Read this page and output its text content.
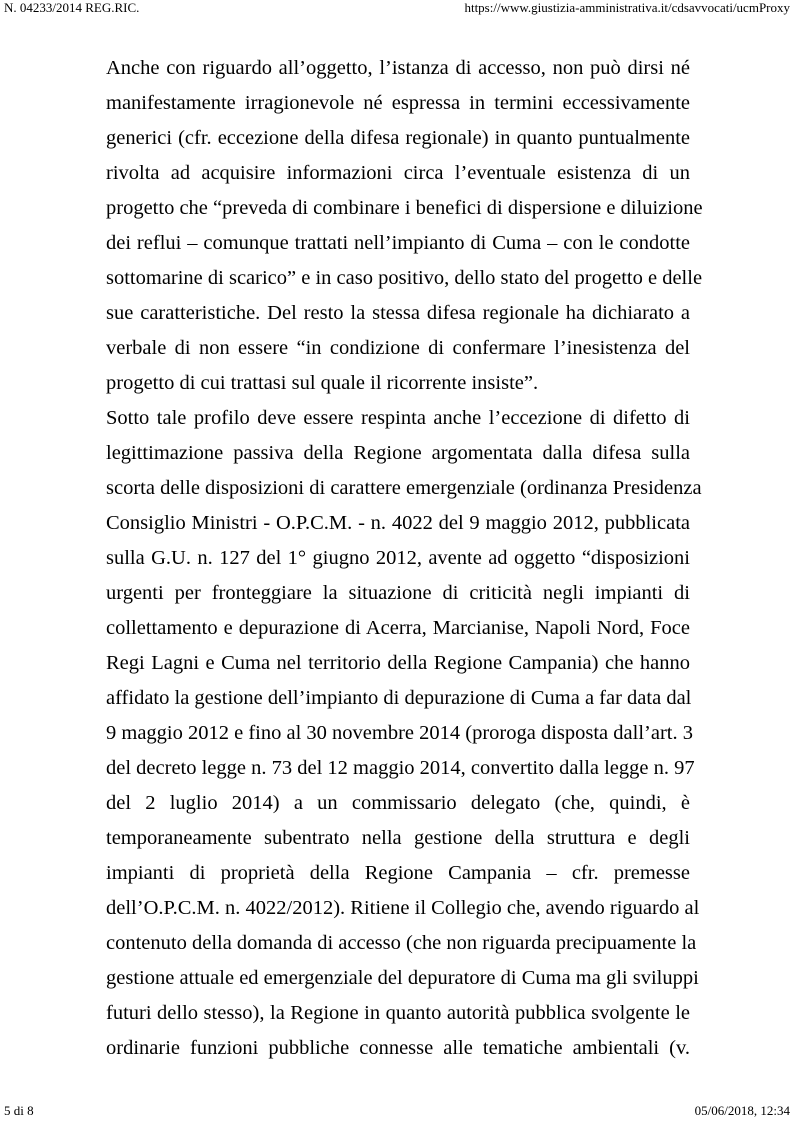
N. 04233/2014 REG.RIC.	https://www.giustizia-amministrativa.it/cdsavvocati/ucmProxy
Anche con riguardo all’oggetto, l’istanza di accesso, non può dirsi né
manifestamente irragionevole né espressa in termini eccessivamente
generici (cfr. eccezione della difesa regionale) in quanto puntualmente
rivolta ad acquisire informazioni circa l’eventuale esistenza di un
progetto che “preveda di combinare i benefici di dispersione e diluizione
dei reflui – comunque trattati nell’impianto di Cuma – con le condotte
sottomarine di scarico” e in caso positivo, dello stato del progetto e delle
sue caratteristiche. Del resto la stessa difesa regionale ha dichiarato a
verbale di non essere “in condizione di confermare l’inesistenza del
progetto di cui trattasi sul quale il ricorrente insiste”.
Sotto tale profilo deve essere respinta anche l’eccezione di difetto di
legittimazione passiva della Regione argomentata dalla difesa sulla
scorta delle disposizioni di carattere emergenziale (ordinanza Presidenza
Consiglio Ministri - O.P.C.M. - n. 4022 del 9 maggio 2012, pubblicata
sulla G.U. n. 127 del 1° giugno 2012, avente ad oggetto “disposizioni
urgenti per fronteggiare la situazione di criticità negli impianti di
collettamento e depurazione di Acerra, Marcianise, Napoli Nord, Foce
Regi Lagni e Cuma nel territorio della Regione Campania) che hanno
affidato la gestione dell’impianto di depurazione di Cuma a far data dal
9 maggio 2012 e fino al 30 novembre 2014 (proroga disposta dall’art. 3
del decreto legge n. 73 del 12 maggio 2014, convertito dalla legge n. 97
del 2 luglio 2014) a un commissario delegato (che, quindi, è
temporaneamente subentrato nella gestione della struttura e degli
impianti di proprietà della Regione Campania – cfr. premesse
dell’O.P.C.M. n. 4022/2012). Ritiene il Collegio che, avendo riguardo al
contenuto della domanda di accesso (che non riguarda precipuamente la
gestione attuale ed emergenziale del depuratore di Cuma ma gli sviluppi
futuri dello stesso), la Regione in quanto autorità pubblica svolgente le
ordinarie funzioni pubbliche connesse alle tematiche ambientali (v.
5 di 8	05/06/2018, 12:34
